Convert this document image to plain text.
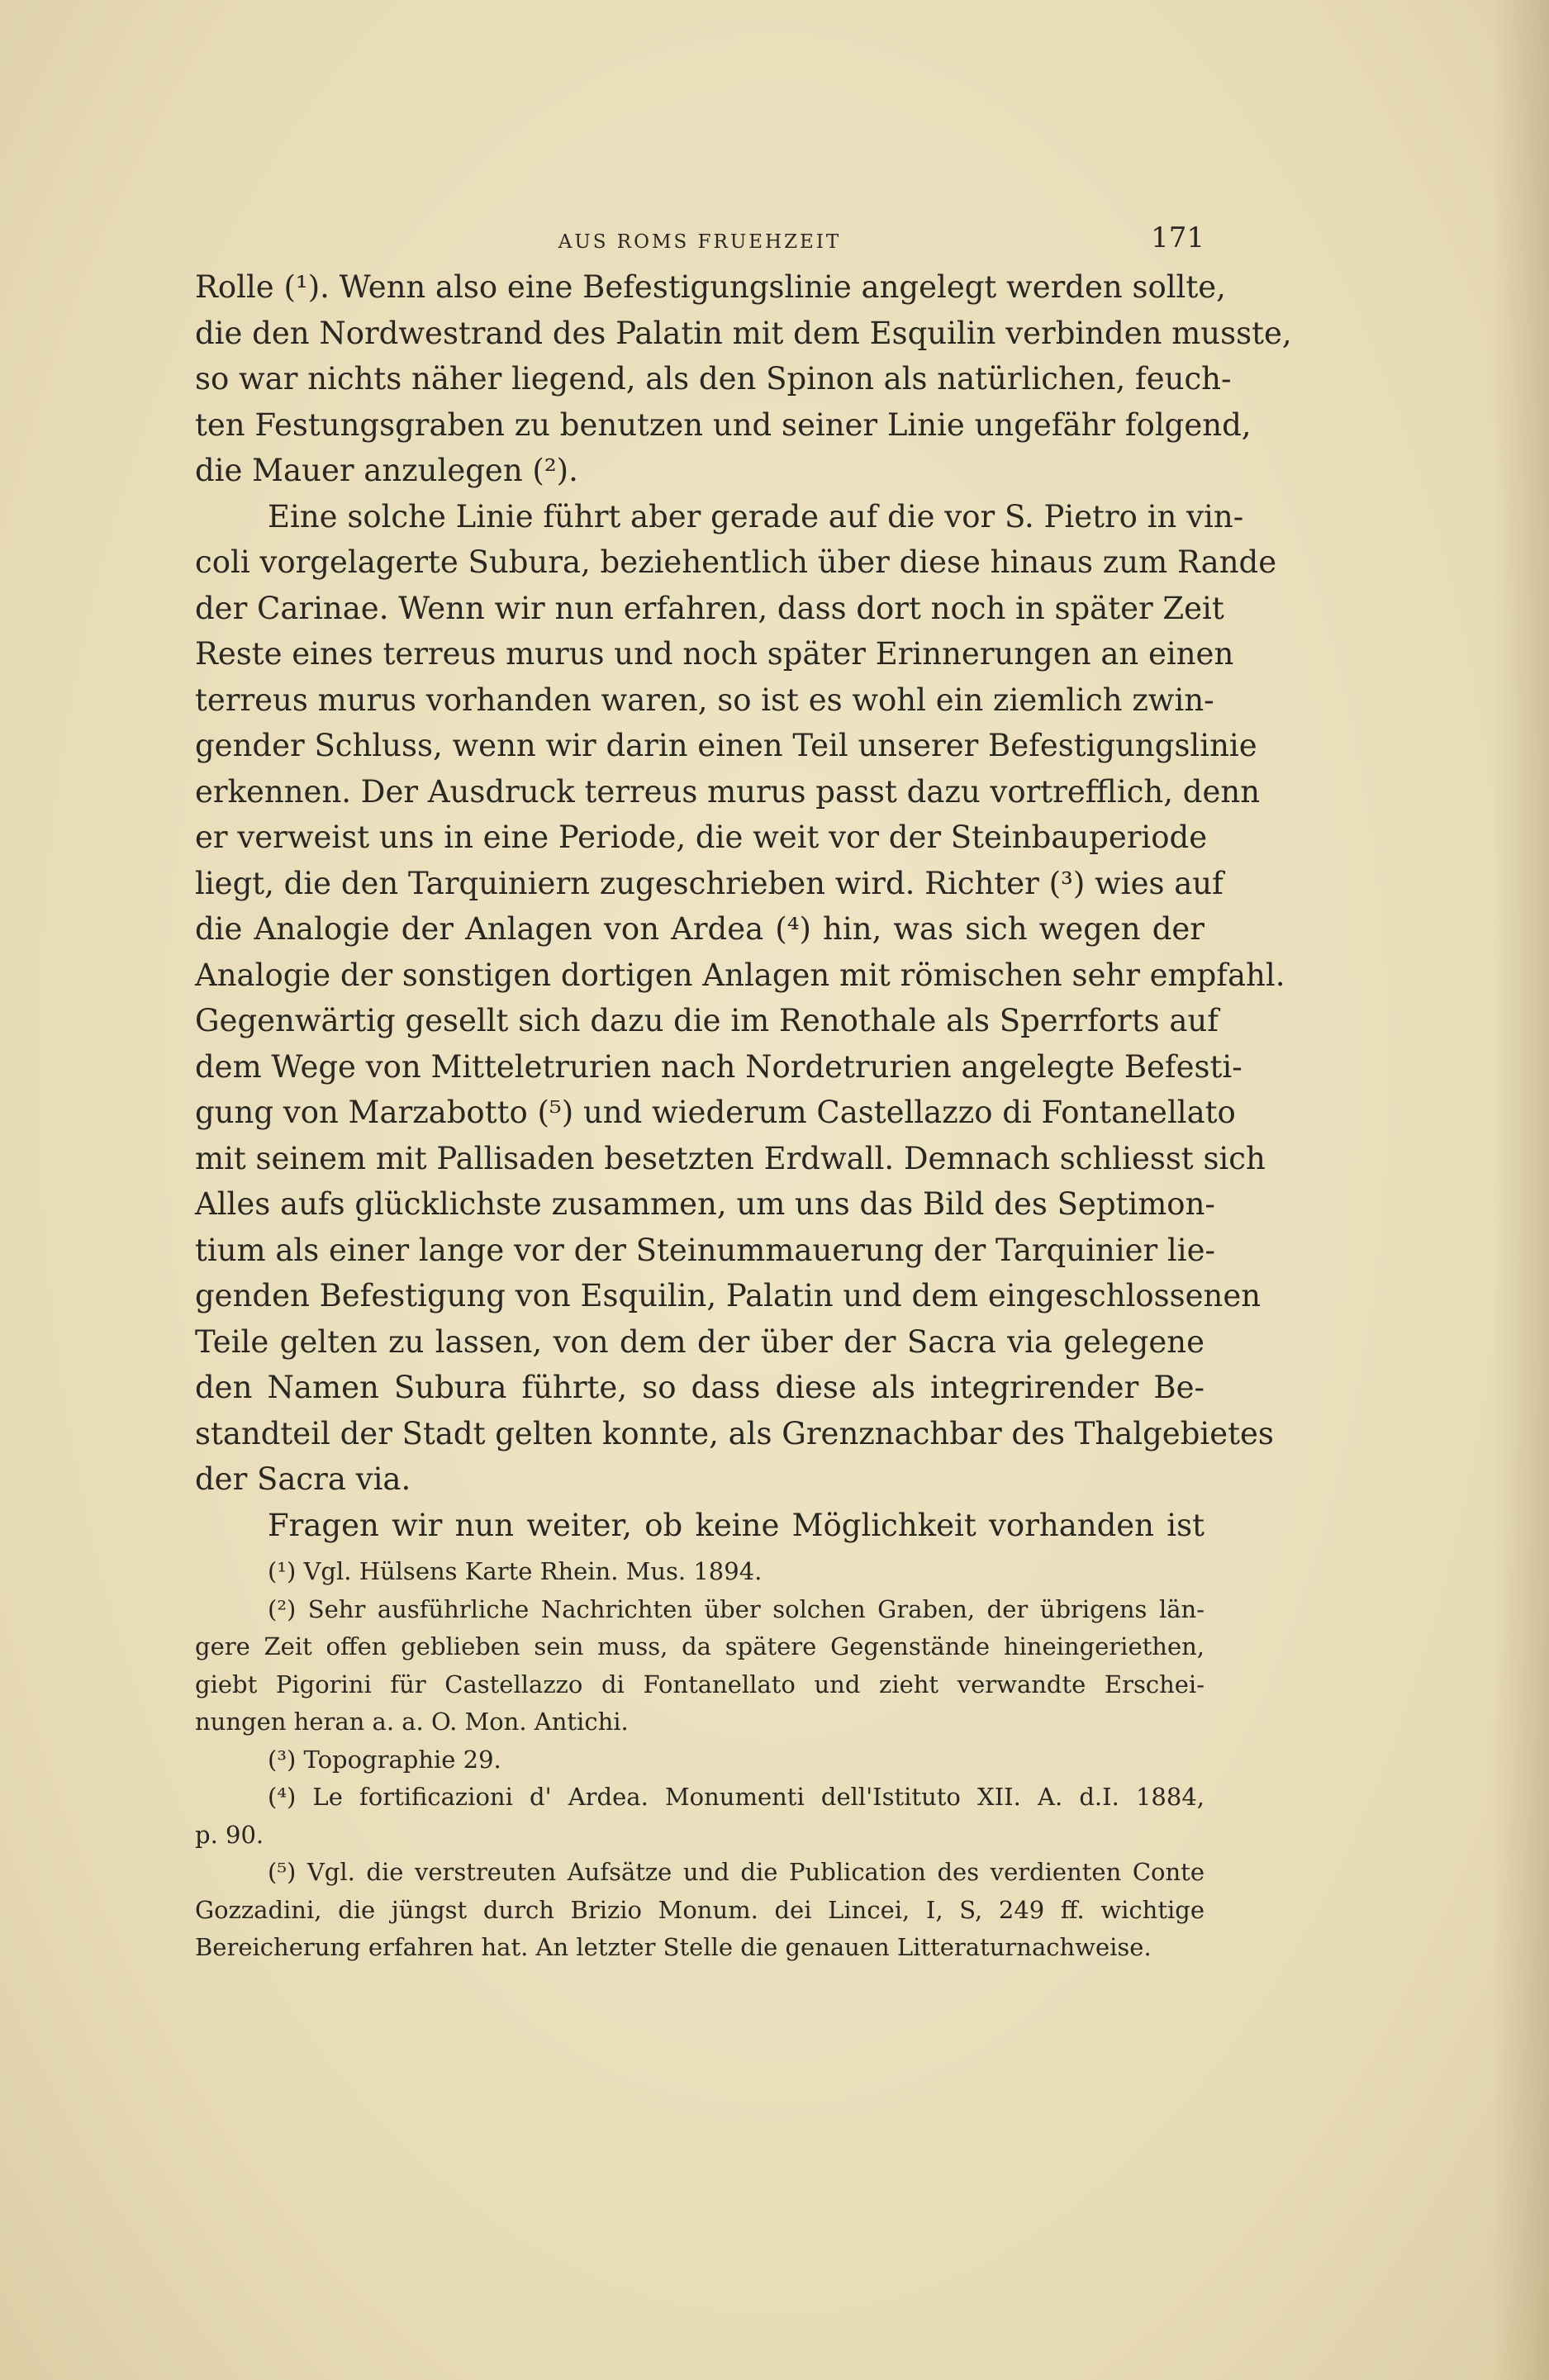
AUS ROMS FRUEHZEIT	171
Rolle (¹). Wenn also eine Befestigungslinie angelegt werden sollte,
die den Nordwestrand des Palatin mit dem Esquilin verbinden musste,
so war nichts näher liegend, als den Spinon als natürlichen, feuch-
ten Festungsgraben zu benutzen und seiner Linie ungefähr folgend,
die Mauer anzulegen (²).
Eine solche Linie führt aber gerade auf die vor S. Pietro in vin-
coli vorgelagerte Subura, beziehentlich über diese hinaus zum Rande
der Carinae. Wenn wir nun erfahren, dass dort noch in später Zeit
Reste eines terreus murus und noch später Erinnerungen an einen
terreus murus vorhanden waren, so ist es wohl ein ziemlich zwin-
gender Schluss, wenn wir darin einen Teil unserer Befestigungslinie
erkennen. Der Ausdruck terreus murus passt dazu vortrefflich, denn
er verweist uns in eine Periode, die weit vor der Steinbauperiode
liegt, die den Tarquiniern zugeschrieben wird. Richter (³) wies auf
die Analogie der Anlagen von Ardea (⁴) hin, was sich wegen der
Analogie der sonstigen dortigen Anlagen mit römischen sehr empfahl.
Gegenwärtig gesellt sich dazu die im Renothale als Sperrforts auf
dem Wege von Mitteletrurien nach Nordetrurien angelegte Befesti-
gung von Marzabotto (⁵) und wiederum Castellazzo di Fontanellato
mit seinem mit Pallisaden besetzten Erdwall. Demnach schliesst sich
Alles aufs glücklichste zusammen, um uns das Bild des Septimon-
tium als einer lange vor der Steinummauerung der Tarquinier lie-
genden Befestigung von Esquilin, Palatin und dem eingeschlossenen
Teile gelten zu lassen, von dem der über der Sacra via gelegene
den Namen Subura führte, so dass diese als integrirender Be-
standteil der Stadt gelten konnte, als Grenznachbar des Thalgebietes
der Sacra via.
Fragen wir nun weiter, ob keine Möglichkeit vorhanden ist
(¹) Vgl. Hülsens Karte Rhein. Mus. 1894.
(²) Sehr ausführliche Nachrichten über solchen Graben, der übrigens län-
gere Zeit offen geblieben sein muss, da spätere Gegenstände hineingeriethen,
giebt Pigorini für Castellazzo di Fontanellato und zieht verwandte Erschei-
nungen heran a. a. O. Mon. Antichi.
(³) Topographie 29.
(⁴) Le fortificazioni d' Ardea. Monumenti dell'Istituto XII. A. d.I. 1884,
p. 90.
(⁵) Vgl. die verstreuten Aufsätze und die Publication des verdienten Conte
Gozzadini, die jüngst durch Brizio Monum. dei Lincei, I, S, 249 ff. wichtige
Bereicherung erfahren hat. An letzter Stelle die genauen Litteraturnachweise.
